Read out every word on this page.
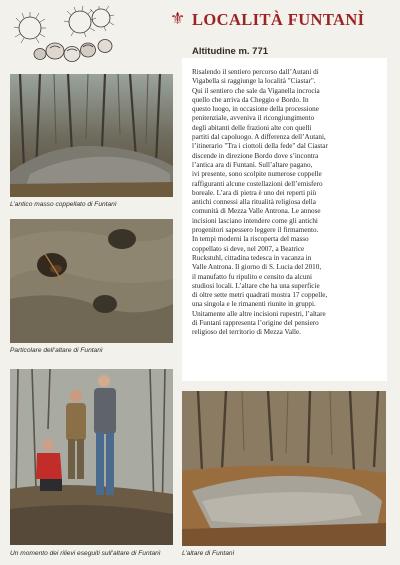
L’antico masso coppellato di Funtanì
Particolare dell’altare di Funtanì
Un momento dei rilievi eseguiti sull’altare di Funtanì	L’altare di Funtanì
⚜ LOCALITÀ FUNTANÌ
Altitudine m. 771
Risalendo il sentiero percorso dall’Autani di
Vigabella si raggiunge la località "Ciastar".
Qui il sentiero che sale da Viganella incrocia
quello che arriva da Cheggio e Bordo. In
questo luogo, in occasione della processione
penitenziale, avveniva il ricongiungimento
degli abitanti delle frazioni alte con quelli
partiti dal capoluogo. A differenza dell’Autani,
l’itinerario "Tra i ciottoli della fede" dal Ciastar
discende in direzione Bordo dove s’incontra
l’antica ara di Funtanì. Sull’altare pagano,
ivi presente, sono scolpite numerose coppelle
raffiguranti alcune costellazioni dell’emisfero
boreale. L’ara di pietra è uno dei reperti più
antichi connessi alla ritualità religiosa della
comunità di Mezza Valle Antrona. Le annose
incisioni lasciano intendere come gli antichi
progenitori sapessero leggere il firmamento.
In tempi moderni la riscoperta del masso
coppellato si deve, nel 2007, a Beatrice
Ruckstuhl, cittadina tedesca in vacanza in
Valle Antrona. Il giorno di S. Lucia del 2010,
il manufatto fu ripulito e censito da alcuni
studiosi locali. L’altare che ha una superficie
di oltre sette metri quadrati mostra 17 coppelle,
una singola e le rimanenti riunite in gruppi.
Unitamente alle altre incisioni rupestri, l’altare
di Funtanì rappresenta l’origine del pensiero
religioso del territorio di Mezza Valle.
